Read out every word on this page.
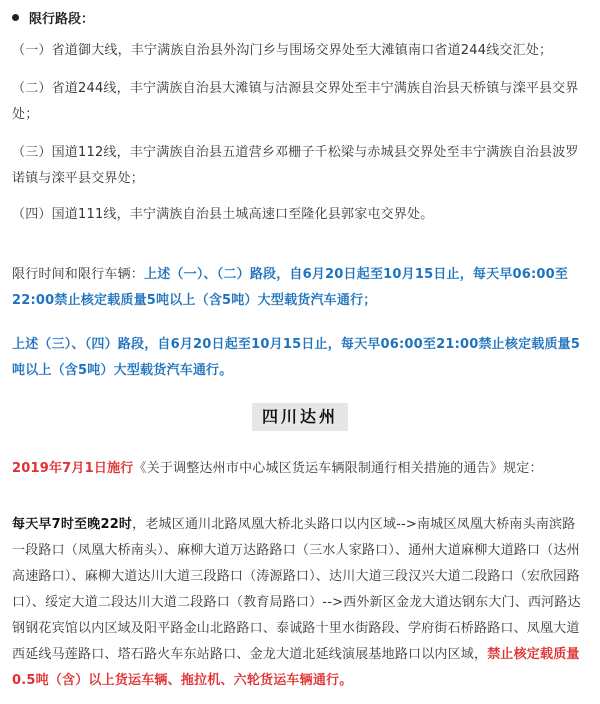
限行路段：
（一）省道御大线，丰宁满族自治县外沟门乡与围场交界处至大滩镇南口省道244线交汇处；
（二）省道244线，丰宁满族自治县大滩镇与沽源县交界处至丰宁满族自治县天桥镇与滦平县交界处；
（三）国道112线，丰宁满族自治县五道营乡邓栅子千松梁与赤城县交界处至丰宁满族自治县波罗诺镇与滦平县交界处；
（四）国道111线，丰宁满族自治县土城高速口至隆化县郭家屯交界处。
限行时间和限行车辆：上述（一）、（二）路段，自6月20日起至10月15日止，每天早06:00至22:00禁止核定载质量5吨以上（含5吨）大型载货汽车通行；
上述（三）、（四）路段，自6月20日起至10月15日止，每天早06:00至21:00禁止核定载质量5吨以上（含5吨）大型载货汽车通行。
四川达州
2019年7月1日施行《关于调整达州市中心城区货运车辆限制通行相关措施的通告》规定：
每天早7时至晚22时，老城区通川北路凤凰大桥北头路口以内区域-->南城区凤凰大桥南头南滨路一段路口（凤凰大桥南头）、麻柳大道万达路路口（三水人家路口）、通州大道麻柳大道路口（达州高速路口）、麻柳大道达川大道三段路口（涛源路口）、达川大道三段汉兴大道二段路口（宏欣园路口）、绥定大道二段达川大道二段路口（教育局路口）-->西外新区金龙大道达钢东大门、西河路达钢钢花宾馆以内区域及阳平路金山北路路口、泰诚路十里水街路段、学府街石桥路路口、凤凰大道西延线马莲路口、塔石路火车东站路口、金龙大道北延线演展基地路口以内区域，禁止核定载质量0.5吨（含）以上货运车辆、拖拉机、六轮货运车辆通行。
